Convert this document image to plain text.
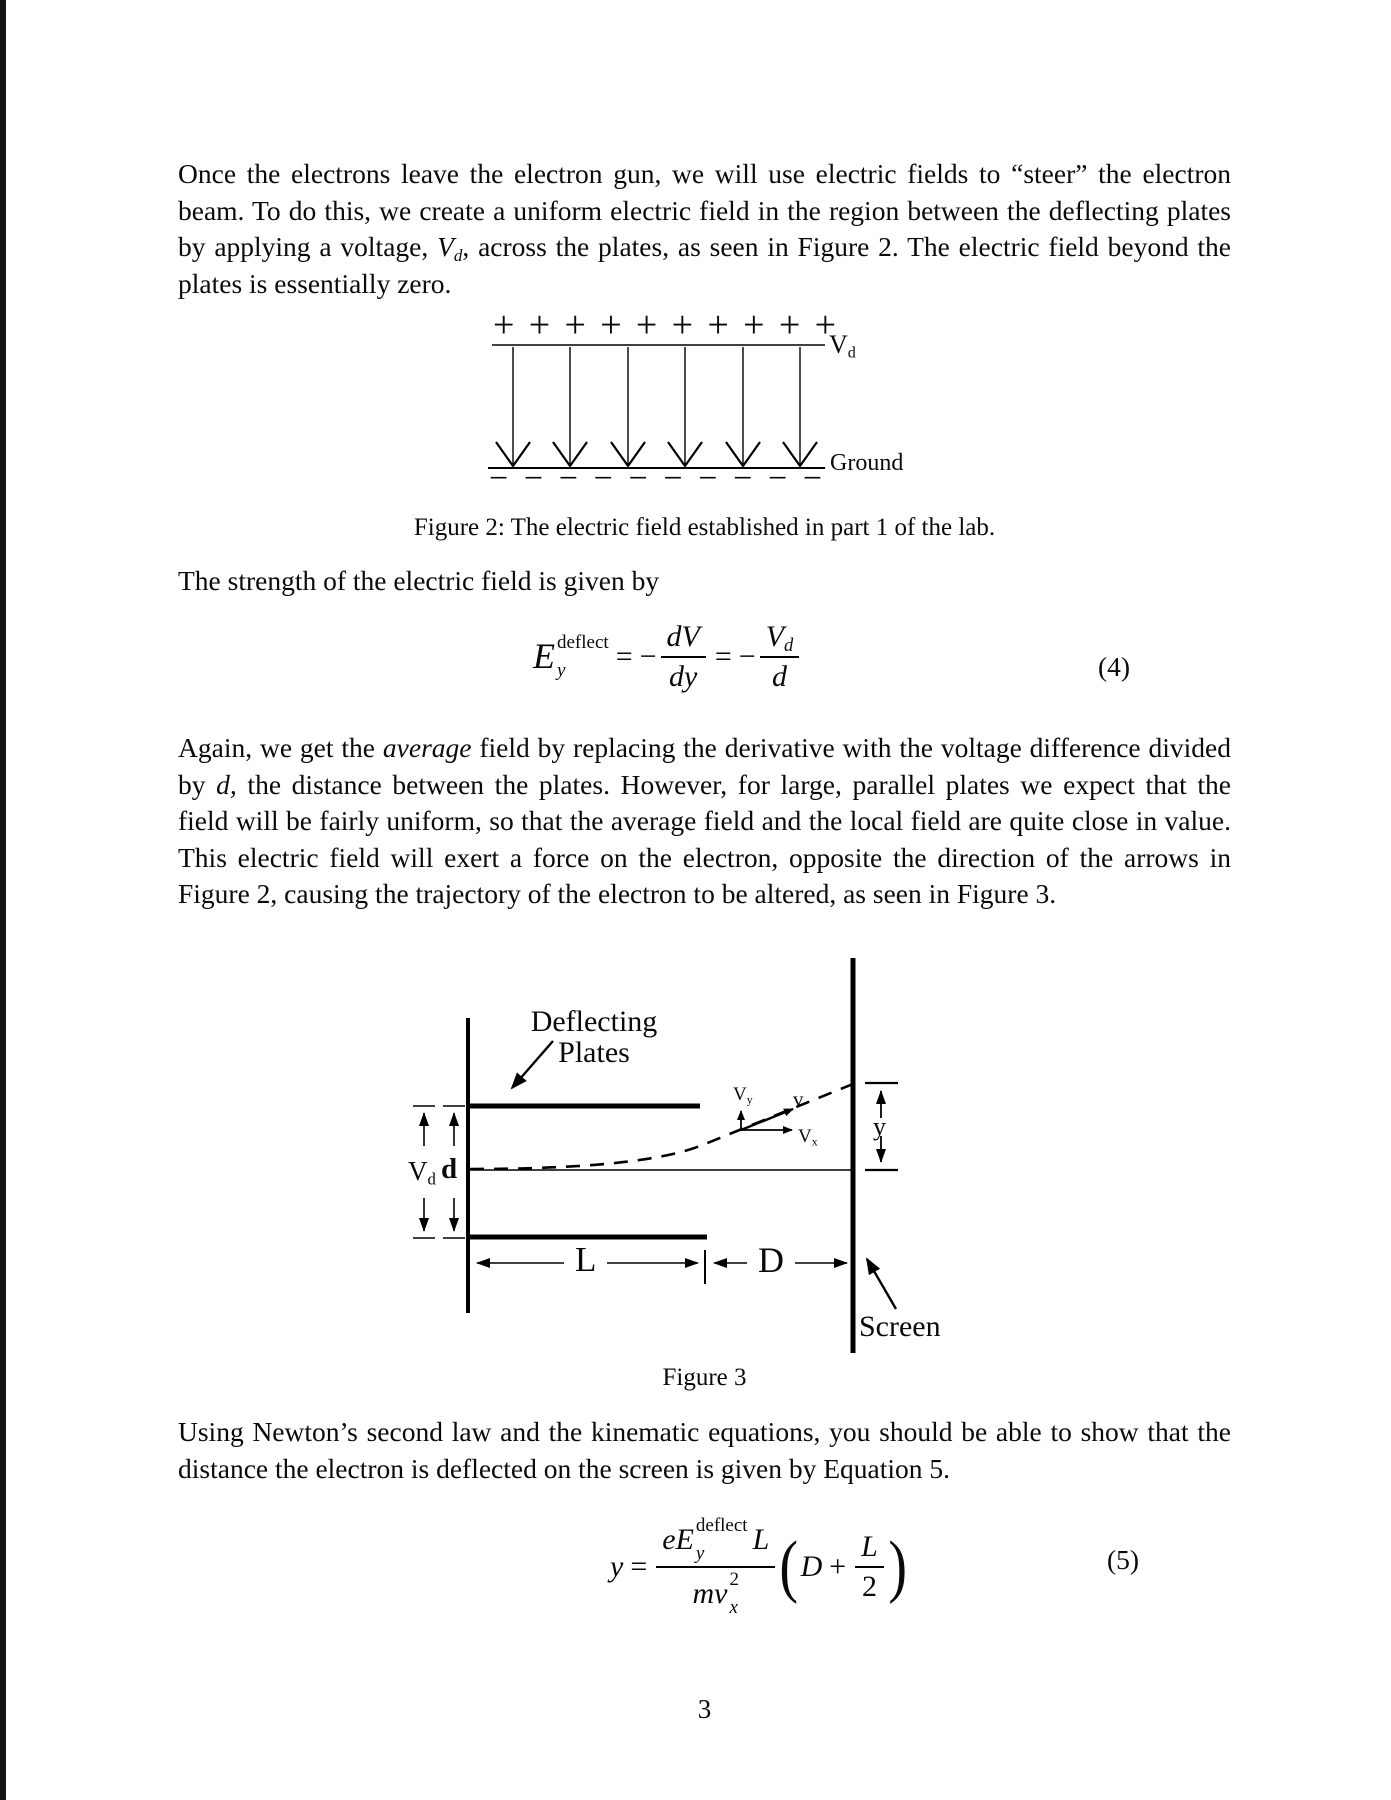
Once the electrons leave the electron gun, we will use electric fields to “steer” the electron beam. To do this, we create a uniform electric field in the region between the deflecting plates by applying a voltage, $V_d$, across the plates, as seen in Figure 2. The electric field beyond the plates is essentially zero.

+ + + + + + + + + +
− − − − − − − − − −
$V_d$
Ground

Figure 2: The electric field established in part 1 of the lab.

The strength of the electric field is given by

E deflect
y = − $\frac{dV}{dy}$ = − $\frac{V_d}{d}$	(4)

Again, we get the average field by replacing the derivative with the voltage difference divided by d, the distance between the plates. However, for large, parallel plates we expect that the field will be fairly uniform, so that the average field and the local field are quite close in value. This electric field will exert a force on the electron, opposite the direction of the arrows in Figure 2, causing the trajectory of the electron to be altered, as seen in Figure 3.

Deflecting
Plates
$V_d$ d
$V_y$ v
$V_x$
y
L	D
Screen

Figure 3

Using Newton’s second law and the kinematic equations, you should be able to show that the distance the electron is deflected on the screen is given by Equation 5.

y = eE deflect
y L
mv 2
x ( $D + \frac{L}{2}$ )	(5)

3
